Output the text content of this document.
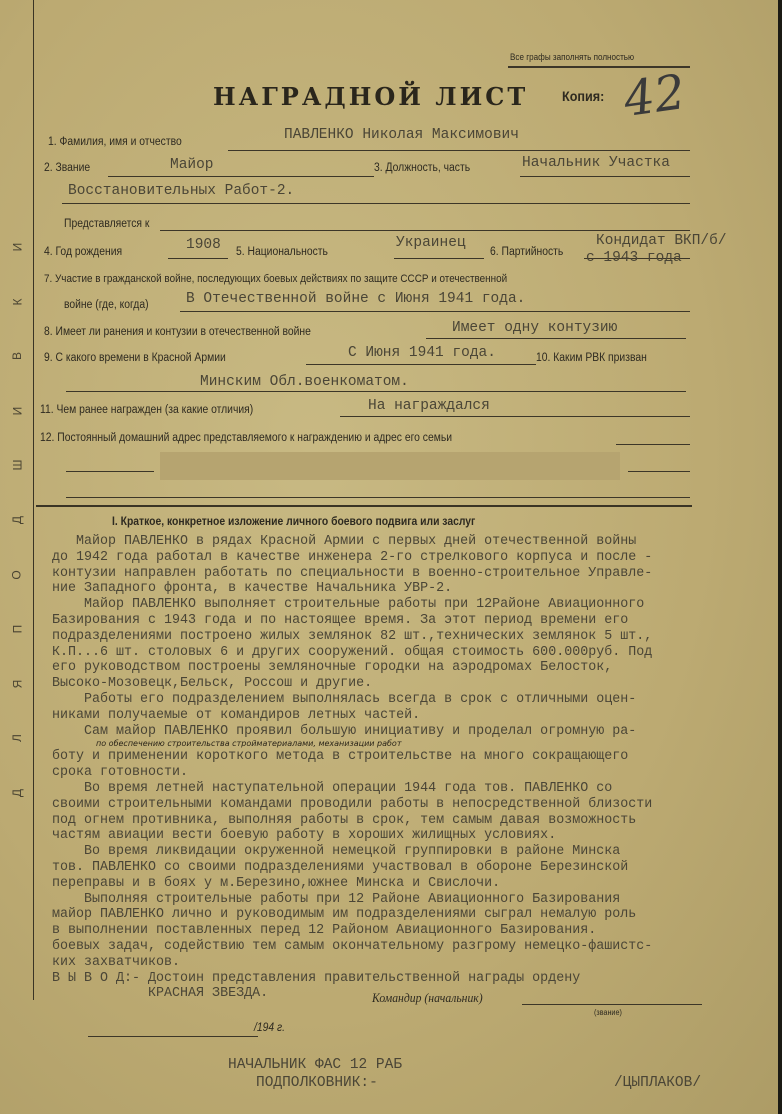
Д
Л
Я
П
О
Д
Ш
И
В
К
И
Все графы заполнять полностью
НАГРАДНОЙ ЛИСТ Копия: 42
1. Фамилия, имя и отчество	ПАВЛЕНКО Николая Максимович
2. Звание	Майор	3. Должность, часть	Начальник Участка
Восстановительных Работ-2.
Представляется к
4. Год рождения	1908 5. Национальность
Украинец
6. Партийность
Кондидат ВКП/б/
с 1943 года
7. Участие в гражданской войне, последующих боевых действиях по защите СССР и отечественной
войне (где, когда)	В Отечественной войне с Июня 1941 года.
8. Имеет ли ранения и контузии в отечественной войне	Имеет одну контузию
9. С какого времени в Красной Армии	С Июня 1941 года.	10. Каким РВК призван
Минским Обл.военкоматом.
11. Чем ранее награжден (за какие отличия)	На награждался
12. Постоянный домашний адрес представляемого к награждению и адрес его семьи
I. Краткое, конкретное изложение личного боевого подвига или заслуг
Майор ПАВЛЕНКО в рядах Красной Армии с первых дней отечественной войны
до 1942 года работал в качестве инженера 2-го стрелкового корпуса и после -
контузии направлен работать по специальности в военно-строительное Управле-
ние Западного фронта, в качестве Начальника УВР-2.
Майор ПАВЛЕНКО выполняет строительные работы при 12Районе Авиационного
Базирования с 1943 года и по настоящее время. За этот период времени его
подразделениями построено жилых землянок 82 шт.,технических землянок 5 шт.,
К.П...6 шт. столовых 6 и других сооружений. общая стоимость 600.000руб. Под
его руководством построены земляночные городки на аэродромах Белосток,
Высоко-Мозовецк,Бельск, Россош и другие.
Работы его подразделением выполнялась всегда в срок с отличными оцен-
никами получаемые от командиров летных частей.
Сам майор ПАВЛЕНКО проявил большую инициативу и проделал огромную ра-
по обеспечению строительства стройматериалами, механизации работ
боту и применении короткого метода в строительстве на много сокращающего
срока готовности.
Во время летней наступательной операции 1944 года тов. ПАВЛЕНКО со
своими строительными командами проводили работы в непосредственной близости
под огнем противника, выполняя работы в срок, тем самым давая возможность
частям авиации вести боевую работу в хороших жилищных условиях.
Во время ликвидации окруженной немецкой группировки в районе Минска
тов. ПАВЛЕНКО со своими подразделениями участвовал в обороне Березинской
переправы и в боях у м.Березино,южнее Минска и Свислочи.
Выполняя строительные работы при 12 Районе Авиационного Базирования
майор ПАВЛЕНКО лично и руководимым им подразделениями сыграл немалую роль
в выполнении поставленных перед 12 Районом Авиационного Базирования.
боевых задач, содействию тем самым окончательному разгрому немецко-фашистс-
ких захватчиков.
В Ы В О Д:- Достоин представления правительственной награды ордену
КРАСНАЯ ЗВЕЗДА.	Командир (начальник)
(звание)
/194 г.
НАЧАЛЬНИК ФАС 12 РАБ
ПОДПОЛКОВНИК:-	/ЦЫПЛАКОВ/
